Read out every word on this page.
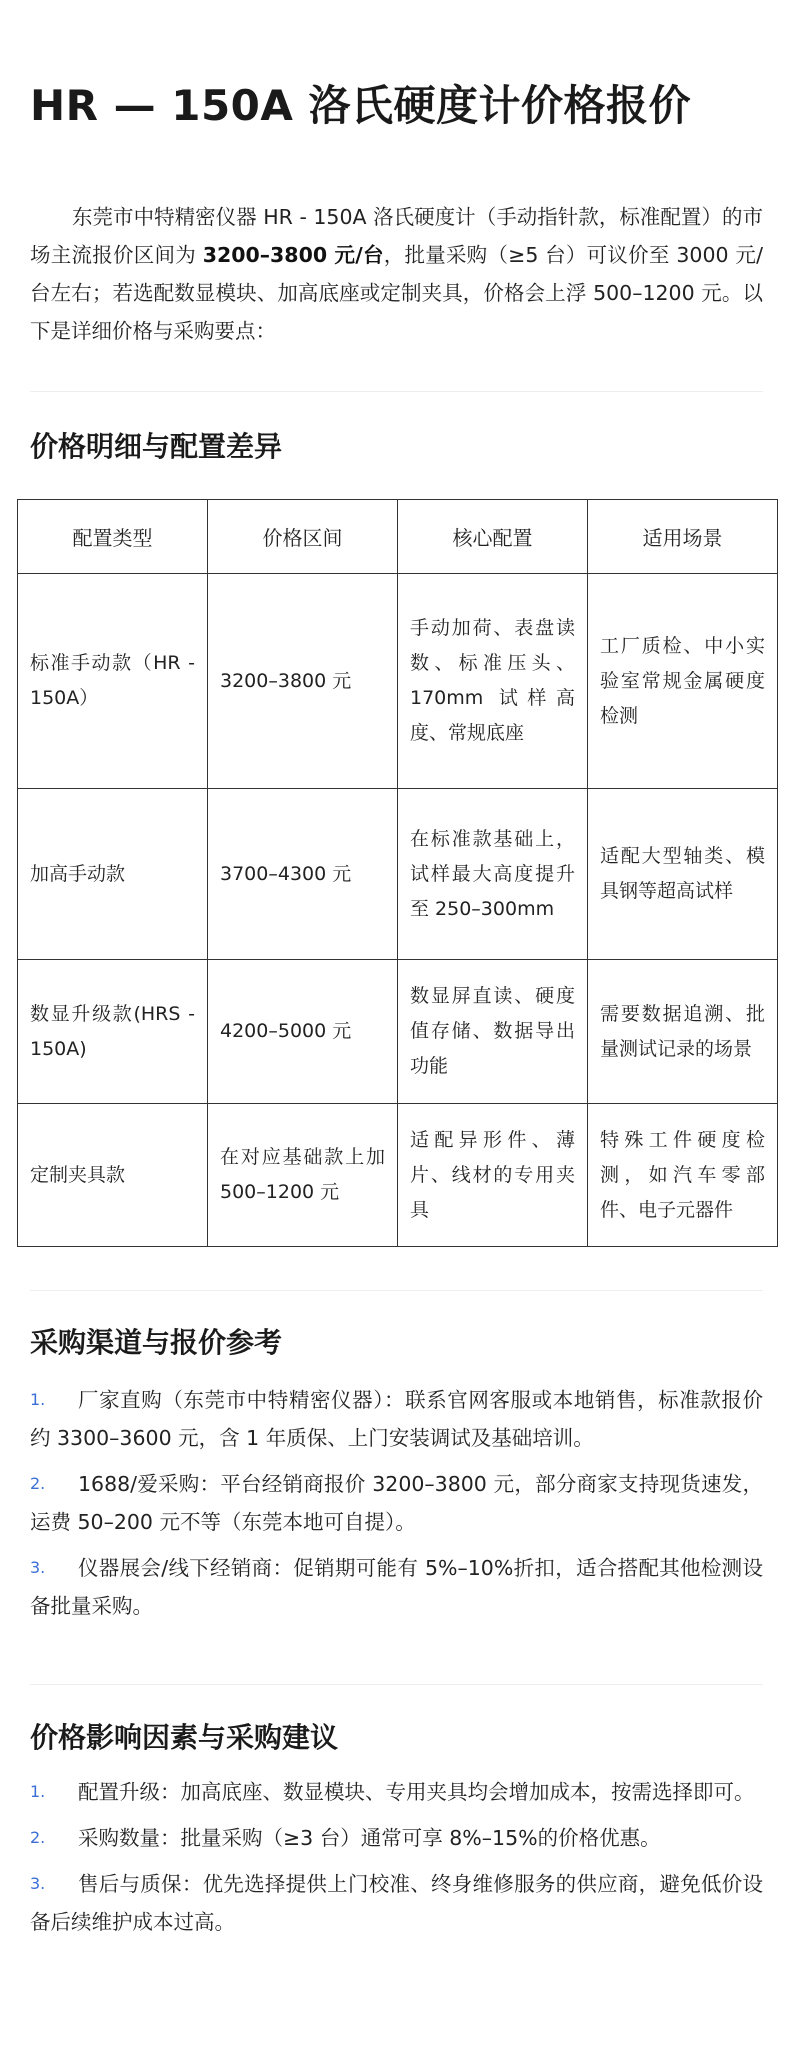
HR — 150A 洛氏硬度计价格报价

东莞市中特精密仪器 HR - 150A 洛氏硬度计（手动指针款，标准配置）的市场主流报价区间为 3200–3800 元/台，批量采购（≥5 台）可议价至 3000 元/台左右；若选配数显模块、加高底座或定制夹具，价格会上浮 500–1200 元。以下是详细价格与采购要点：

价格明细与配置差异
配置类型	价格区间	核心配置	适用场景
标准手动款（HR - 150A）	3200–3800 元	手动加荷、表盘读数、标准压头、170mm 试样高度、常规底座	工厂质检、中小实验室常规金属硬度检测
加高手动款	3700–4300 元	在标准款基础上，试样最大高度提升至 250–300mm	适配大型轴类、模具钢等超高试样
数显升级款(HRS - 150A)	4200–5000 元	数显屏直读、硬度值存储、数据导出功能	需要数据追溯、批量测试记录的场景
定制夹具款	在对应基础款上加 500–1200 元	适配异形件、薄片、线材的专用夹具	特殊工件硬度检测，如汽车零部件、电子元器件
采购渠道与报价参考
1.	厂家直购（东莞市中特精密仪器）：联系官网客服或本地销售，标准款报价约 3300–3600 元，含 1 年质保、上门安装调试及基础培训。
2.	1688/爱采购：平台经销商报价 3200–3800 元，部分商家支持现货速发，运费 50–200 元不等（东莞本地可自提）。
3.	仪器展会/线下经销商：促销期可能有 5%–10%折扣，适合搭配其他检测设备批量采购。
价格影响因素与采购建议
1.	配置升级：加高底座、数显模块、专用夹具均会增加成本，按需选择即可。
2.	采购数量：批量采购（≥3 台）通常可享 8%–15%的价格优惠。
3.	售后与质保：优先选择提供上门校准、终身维修服务的供应商，避免低价设备后续维护成本过高。
